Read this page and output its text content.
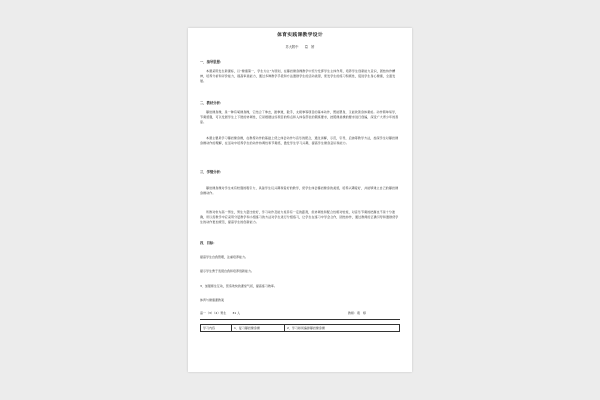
体育实践课教学设计
苏大附中　　葛　婷
一．指导思想：
本课采用发生新课标，以“健康第一，学生为主”为原则，在攀岩健身操教学中充分发挥学生主体作用，培养学生创新能力意识，团结协作精神，培养分析和评价能力，提高审美能力，通过多种教学手段和方法激励学生的活动欲望，使发学生的练习积极性，促进学生身心健康，全面发展。
二．教材分析：
攀岩健身操，是一种有氧健身操，它结合了拳击，跆拳道，散手，太极拳等项目的基本动作，既能塑身，又能改善身体素质。动作简单易学，节奏感强，可以发展学生上下肢的协调性，它是根据这些项目的特点和入体各部位的锻炼要求，按照健美操的要求进行创编，深受广大青少年的喜爱。
本课主要是学习攀岩健身操，在教授动作的基础上使之体会动作与音乐的配合，通过讲解，示范，引导，启迪等教学方法，加深学生对攀岩健身操动作的理解，在活动中培养学生的动作协调性和节奏感，激发学生学习兴趣，提高学生健身意识和能力。
三．学情分析：
攀岩健身操对学生来有较强的吸引力，具备学生们兴趣和爱好的教学，使学生体会攀岩健身的美感，培养兴趣爱好，并能够建立自己的攀岩健身操动作。
所教对象为高一男生，男生力量比较好，学习动作及能力差异有一定的距离，但协调性和配合性相对较差，对音乐节奏的把握也不是十分准确，所以需教学中应采用分层教学和小组练习的方法对学生进行分组练习，让学生在练习中学会合作，团结协作，通过教师的正确引导和激励使学生的动作更加规范，提高学生的创新能力。
四．目标：
提高学生自我管理，注重培养能力。
提示学生勇于表现自我和培养创新能力。
3．加强师生互动，营造欢快的课堂气氛，提高练习效率。
体育与健康课教案
高一（3）（4）男生　　31 人	教师：葛　婷
学习内容	1．复习攀岩健身操	2．学习如何编排攀岩健身操
